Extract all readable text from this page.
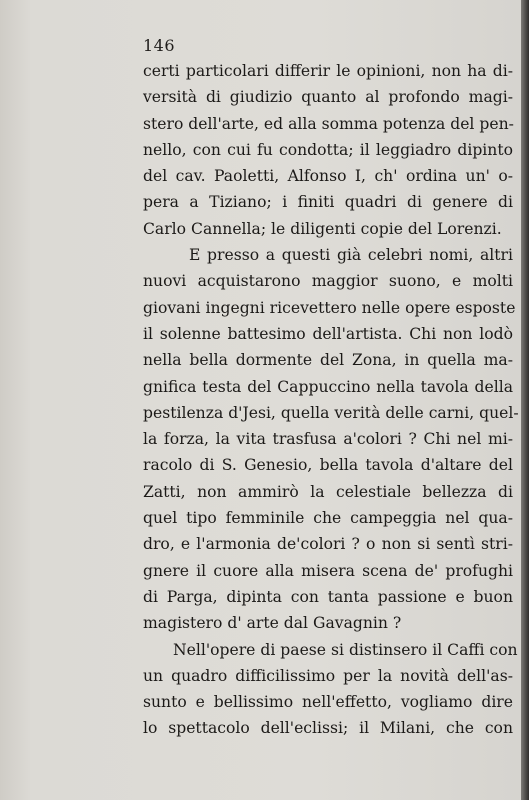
146
certi particolari differir le opinioni, non ha di-
versità di giudizio quanto al profondo magi-
stero dell'arte, ed alla somma potenza del pen-
nello, con cui fu condotta; il leggiadro dipinto
del cav. Paoletti, Alfonso I, ch' ordina un' o-
pera a Tiziano; i finiti quadri di genere di
Carlo Cannella; le diligenti copie del Lorenzi.
E presso a questi già celebri nomi, altri
nuovi acquistarono maggior suono, e molti
giovani ingegni ricevettero nelle opere esposte
il solenne battesimo dell'artista. Chi non lodò
nella bella dormente del Zona, in quella ma-
gnifica testa del Cappuccino nella tavola della
pestilenza d'Jesi, quella verità delle carni, quel-
la forza, la vita trasfusa a'colori ? Chi nel mi-
racolo di S. Genesio, bella tavola d'altare del
Zatti, non ammirò la celestiale bellezza di
quel tipo femminile che campeggia nel qua-
dro, e l'armonia de'colori ? o non si sentì stri-
gnere il cuore alla misera scena de' profughi
di Parga, dipinta con tanta passione e buon
magistero d' arte dal Gavagnin ?
Nell'opere di paese si distinsero il Caffi con
un quadro difficilissimo per la novità dell'as-
sunto e bellissimo nell'effetto, vogliamo dire
lo spettacolo dell'eclissi; il Milani, che con
